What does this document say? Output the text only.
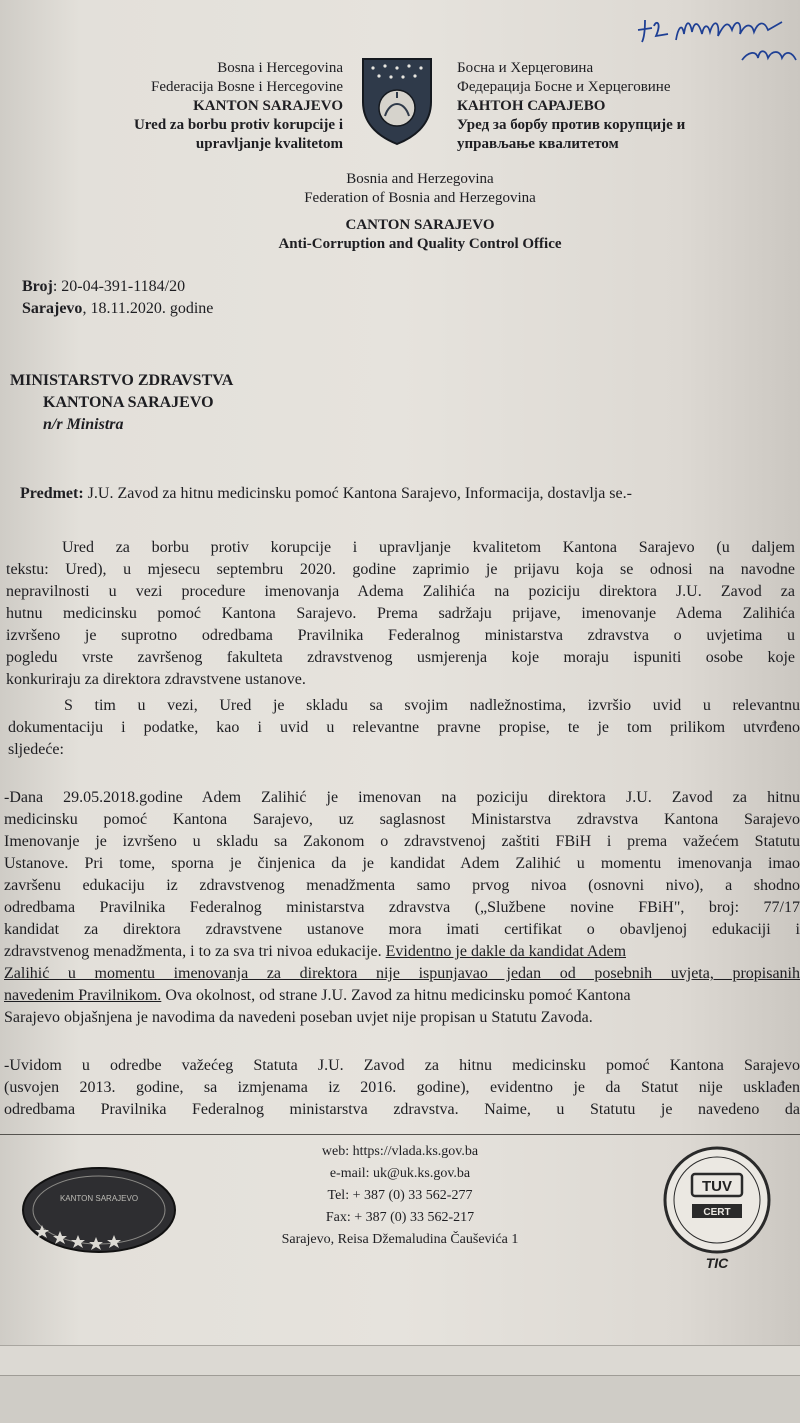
Bosna i Hercegovina
Federacija Bosne i Hercegovine
KANTON SARAJEVO
Ured za borbu protiv korupcije i
upravljanje kvalitetom
Босна и Херцеговина
Федерација Босне и Херцеговине
КАНТОН САРАЈЕВО
Уред за борбу против корупције и
управљање квалитетом
Bosnia and Herzegovina
Federation of Bosnia and Herzegovina
CANTON SARAJEVO
Anti-Corruption and Quality Control Office
Broj: 20-04-391-1184/20
Sarajevo, 18.11.2020. godine
MINISTARSTVO ZDRAVSTVA
KANTONA SARAJEVO
n/r Ministra
Predmet: J.U. Zavod za hitnu medicinsku pomoć Kantona Sarajevo, Informacija, dostavlja se.-
Ured za borbu protiv korupcije i upravljanje kvalitetom Kantona Sarajevo (u daljem
tekstu: Ured), u mjesecu septembru 2020. godine zaprimio je prijavu koja se odnosi na navodne
nepravilnosti u vezi procedure imenovanja Adema Zalihića na poziciju direktora J.U. Zavod za
hutnu medicinsku pomoć Kantona Sarajevo. Prema sadržaju prijave, imenovanje Adema Zalihića
izvršeno je suprotno odredbama Pravilnika Federalnog ministarstva zdravstva o uvjetima u
pogledu vrste završenog fakulteta zdravstvenog usmjerenja koje moraju ispuniti osobe koje
konkuriraju za direktora zdravstvene ustanove.
S tim u vezi, Ured je skladu sa svojim nadležnostima, izvršio uvid u relevantnu
dokumentaciju i podatke, kao i uvid u relevantne pravne propise, te je tom prilikom utvrđeno
sljedeće:
-Dana 29.05.2018.godine Adem Zalihić je imenovan na poziciju direktora J.U. Zavod za hitnu
medicinsku pomoć Kantona Sarajevo, uz saglasnost Ministarstva zdravstva Kantona Sarajevo
Imenovanje je izvršeno u skladu sa Zakonom o zdravstvenoj zaštiti FBiH i prema važećem Statutu
Ustanove. Pri tome, sporna je činjenica da je kandidat Adem Zalihić u momentu imenovanja imao
završenu edukaciju iz zdravstvenog menadžmenta samo prvog nivoa (osnovni nivo), a shodno
odredbama Pravilnika Federalnog ministarstva zdravstva („Službene novine FBiH", broj: 77/17
kandidat za direktora zdravstvene ustanove mora imati certifikat o obavljenoj edukaciji i
zdravstvenog menadžmenta, i to za sva tri nivoa edukacije. Evidentno je dakle da kandidat Adem
Zalihić u momentu imenovanja za direktora nije ispunjavao jedan od posebnih uvjeta, propisanih
navedenim Pravilnikom. Ova okolnost, od strane J.U. Zavod za hitnu medicinsku pomoć Kantona
Sarajevo objašnjena je navodima da navedeni poseban uvjet nije propisan u Statutu Zavoda.
-Uvidom u odredbe važećeg Statuta J.U. Zavod za hitnu medicinsku pomoć Kantona Sarajevo
(usvojen 2013. godine, sa izmjenama iz 2016. godine), evidentno je da Statut nije usklađen
odredbama Pravilnika Federalnog ministarstva zdravstva. Naime, u Statutu je navedeno da
KANTON SARAJEVO
web: https://vlada.ks.gov.ba
e-mail: uk@uk.ks.gov.ba
Tel: + 387 (0) 33 562-277
Fax: + 387 (0) 33 562-217
Sarajevo, Reisa Džemaludina Čauševića 1
TUV
CERT
TIC
